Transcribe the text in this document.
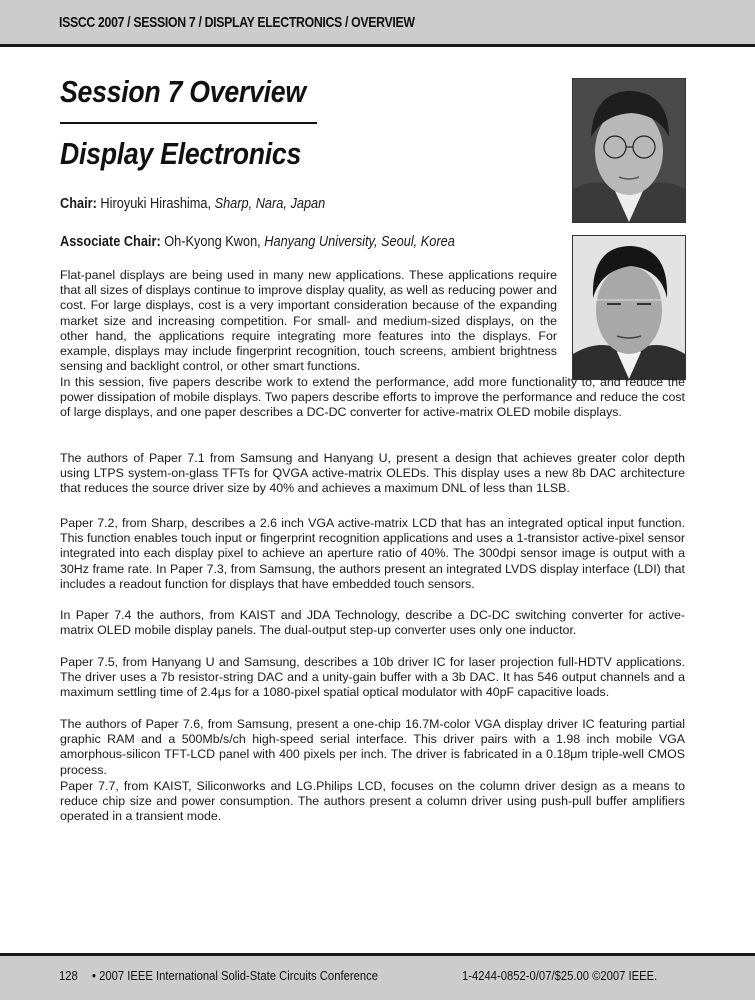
ISSCC 2007 / SESSION 7 / DISPLAY ELECTRONICS / OVERVIEW
Session 7 Overview
Display Electronics
Chair: Hiroyuki Hirashima, Sharp, Nara, Japan
Associate Chair: Oh-Kyong Kwon, Hanyang University, Seoul, Korea

Flat-panel displays are being used in many new applications. These applications require that all sizes of displays continue to improve display quality, as well as reducing power and cost. For large displays, cost is a very important consideration because of the expanding market size and increasing competition. For small- and medium-sized displays, on the other hand, the applications require integrating more features into the displays. For example, displays may include fingerprint recognition, touch screens, ambient brightness sensing and backlight control, or other smart functions.

In this session, five papers describe work to extend the performance, add more functionality to, and reduce the power dissipation of mobile displays. Two papers describe efforts to improve the performance and reduce the cost of large displays, and one paper describes a DC-DC converter for active-matrix OLED mobile displays.

The authors of Paper 7.1 from Samsung and Hanyang U, present a design that achieves greater color depth using LTPS system-on-glass TFTs for QVGA active-matrix OLEDs. This display uses a new 8b DAC architecture that reduces the source driver size by 40% and achieves a maximum DNL of less than 1LSB.

Paper 7.2, from Sharp, describes a 2.6 inch VGA active-matrix LCD that has an integrated optical input function. This function enables touch input or fingerprint recognition applications and uses a 1-transistor active-pixel sensor integrated into each display pixel to achieve an aperture ratio of 40%. The 300dpi sensor image is output with a 30Hz frame rate. In Paper 7.3, from Samsung, the authors present an integrated LVDS display interface (LDI) that includes a readout function for displays that have embedded touch sensors.

In Paper 7.4 the authors, from KAIST and JDA Technology, describe a DC-DC switching converter for active-matrix OLED mobile display panels. The dual-output step-up converter uses only one inductor.

Paper 7.5, from Hanyang U and Samsung, describes a 10b driver IC for laser projection full-HDTV applications. The driver uses a 7b resistor-string DAC and a unity-gain buffer with a 3b DAC. It has 546 output channels and a maximum settling time of 2.4μs for a 1080-pixel spatial optical modulator with 40pF capacitive loads.

The authors of Paper 7.6, from Samsung, present a one-chip 16.7M-color VGA display driver IC featuring partial graphic RAM and a 500Mb/s/ch high-speed serial interface. This driver pairs with a 1.98 inch mobile VGA amorphous-silicon TFT-LCD panel with 400 pixels per inch. The driver is fabricated in a 0.18μm triple-well CMOS process.

Paper 7.7, from KAIST, Siliconworks and LG.Philips LCD, focuses on the column driver design as a means to reduce chip size and power consumption. The authors present a column driver using push-pull buffer amplifiers operated in a transient mode.

128 • 2007 IEEE International Solid-State Circuits Conference	1-4244-0852-0/07/$25.00 ©2007 IEEE.
